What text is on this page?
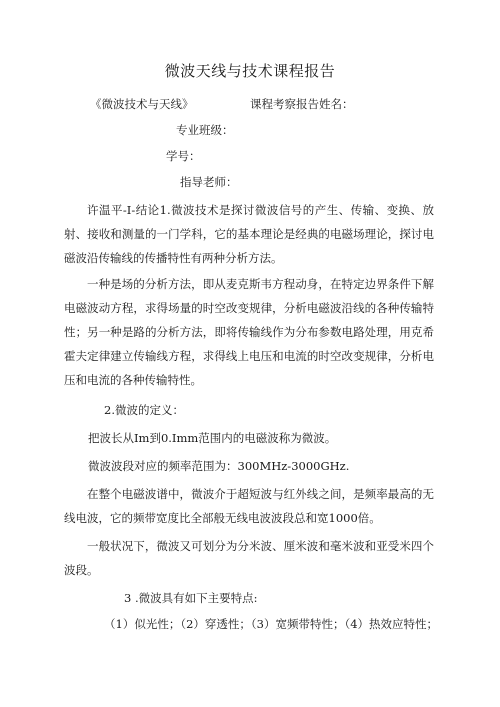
微波天线与技术课程报告
《微波技术与天线》	课程考察报告姓名：
专业班级：
学号：
指导老师：

许温平-I-结论1.微波技术是探讨微波信号的产生、传输、变换、放射、接收和测量的一门学科，它的基本理论是经典的电磁场理论，探讨电磁波沿传输线的传播特性有两种分析方法。

一种是场的分析方法，即从麦克斯韦方程动身，在特定边界条件下解电磁波动方程，求得场量的时空改变规律，分析电磁波沿线的各种传输特性；另一种是路的分析方法，即将传输线作为分布参数电路处理，用克希霍夫定律建立传输线方程，求得线上电压和电流的时空改变规律，分析电压和电流的各种传输特性。

2.微波的定义：

把波长从Im到0.Imm范围内的电磁波称为微波。

微波波段对应的频率范围为：300MHz-3000GHz.

在整个电磁波谱中，微波介于超短波与红外线之间，是频率最高的无线电波，它的频带宽度比全部般无线电波波段总和宽1000倍。

一般状况下，微波又可划分为分米波、厘米波和毫米波和亚受米四个波段。

3 .微波具有如下主要特点:

（1）似光性；（2）穿透性；（3）宽频带特性；（4）热效应特性；
